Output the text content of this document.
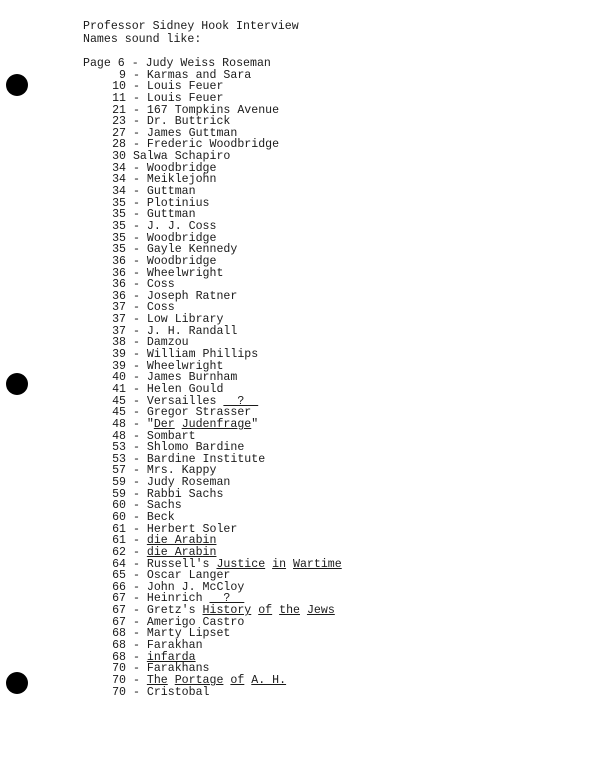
Professor Sidney Hook Interview
Names sound like:
Page 6 - Judy Weiss Roseman
9 - Karmas and Sara
10 - Louis Feuer
11 - Louis Feuer
21 - 167 Tompkins Avenue
23 - Dr. Buttrick
27 - James Guttman
28 - Frederic Woodbridge
30 Salwa Schapiro
34 - Woodbridge
34 - Meiklejohn
34 - Guttman
35 - Plotinius
35 - Guttman
35 - J. J. Coss
35 - Woodbridge
35 - Gayle Kennedy
36 - Woodbridge
36 - Wheelwright
36 - Coss
36 - Joseph Ratner
37 - Coss
37 - Low Library
37 - J. H. Randall
38 - Damzou
39 - William Phillips
39 - Wheelwright
40 - James Burnham
41 - Helen Gould
45 - Versailles   ?
45 - Gregor Strasser
48 - "Der Judenfrage"
48 - Sombart
53 - Shlomo Bardine
53 - Bardine Institute
57 - Mrs. Kappy
59 - Judy Roseman
59 - Rabbi Sachs
60 - Sachs
60 - Beck
61 - Herbert Soler
61 - die Arabin
62 - die Arabin
64 - Russell's Justice in Wartime
65 - Oscar Langer
66 - John J. McCloy
67 - Heinrich   ?
67 - Gretz's History of the Jews
67 - Amerigo Castro
68 - Marty Lipset
68 - Farakhan
68 - infarda
70 - Farakhans
70 - The Portage of A. H.
70 - Cristobal
